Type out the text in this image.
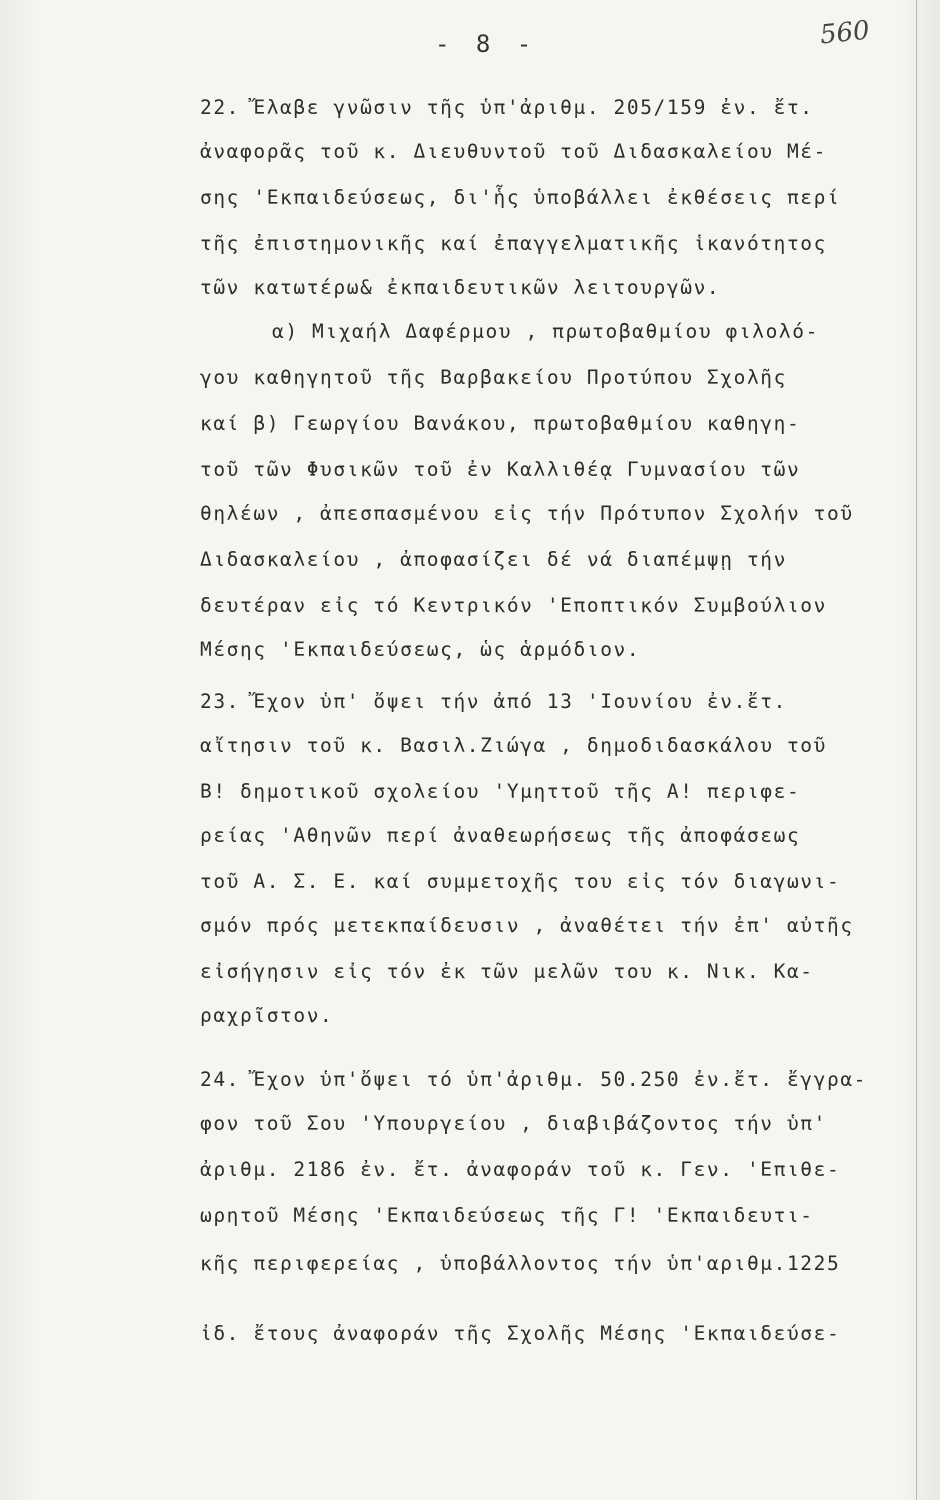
- 8 -	560
22. Ἔλαβε γνῶσιν τῆς ὑπ'ἀριθμ. 205/159 ἐν. ἔτ.
ἀναφορᾶς τοῦ κ. Διευθυντοῦ τοῦ Διδασκαλείου Μέ-
σης 'Εκπαιδεύσεως, δι'ἧς ὑποβάλλει ἐκθέσεις περί
τῆς ἐπιστημονικῆς καί ἐπαγγελματικῆς ἱκανότητος
τῶν κατωτέρω& ἐκπαιδευτικῶν λειτουργῶν.
α) Μιχαήλ Δαφέρμου , πρωτοβαθμίου φιλολό-
γου καθηγητοῦ τῆς Βαρβακείου Προτύπου Σχολῆς
καί β) Γεωργίου Βανάκου, πρωτοβαθμίου καθηγη-
τοῦ τῶν Φυσικῶν τοῦ ἐν Καλλιθέᾳ Γυμνασίου τῶν
θηλέων , ἀπεσπασμένου εἰς τήν Πρότυπον Σχολήν τοῦ
Διδασκαλείου , ἀποφασίζει δέ νά διαπέμψῃ τήν
δευτέραν εἰς τό Κεντρικόν 'Εποπτικόν Συμβούλιον
Μέσης 'Εκπαιδεύσεως, ὡς ἁρμόδιον.
23. Ἔχον ὑπ' ὄψει τήν ἀπό 13 'Ιουνίου ἐν.ἔτ.
αἴτησιν τοῦ κ. Βασιλ.Ζιώγα , δημοδιδασκάλου τοῦ
Β! δημοτικοῦ σχολείου 'Υμηττοῦ τῆς Α! περιφε-
ρείας 'Αθηνῶν περί ἀναθεωρήσεως τῆς ἀποφάσεως
τοῦ Α. Σ. Ε. καί συμμετοχῆς του εἰς τόν διαγωνι-
σμόν πρός μετεκπαίδευσιν , ἀναθέτει τήν ἐπ' αὐτῆς
εἰσήγησιν εἰς τόν ἐκ τῶν μελῶν του κ. Νικ. Κα-
ραχρῖστον.
24. Ἔχον ὑπ'ὄψει τό ὑπ'ἀριθμ. 50.250 ἐν.ἔτ. ἔγγρα-
φον τοῦ Σου 'Υπουργείου , διαβιβάζοντος τήν ὑπ'
ἀριθμ. 2186 ἐν. ἔτ. ἀναφοράν τοῦ κ. Γεν. 'Επιθε-
ωρητοῦ Μέσης 'Εκπαιδεύσεως τῆς Γ! 'Εκπαιδευτι-
κῆς περιφερείας , ὑποβάλλοντος τήν ὑπ'αριθμ.1225
ἰδ. ἔτους ἀναφοράν τῆς Σχολῆς Μέσης 'Εκπαιδεύσε-
